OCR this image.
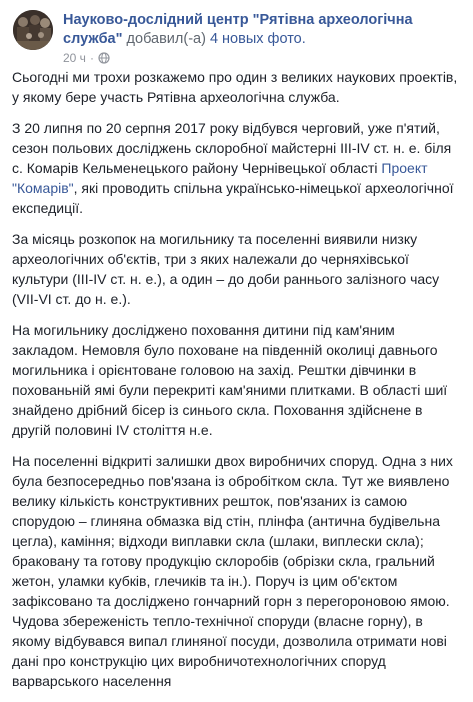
Науково-дослідний центр "Рятівна археологічна служба" добавил(-а) 4 новых фото.
20 ч ·

Сьогодні ми трохи розкажемо про один з великих наукових проектів, у якому бере участь Рятівна археологічна служба.

З 20 липня по 20 серпня 2017 року відбувся черговий, уже п'ятий, сезон польових досліджень склоробної майстерні III-IV ст. н. е. біля с. Комарів Кельменецького району Чернівецької області Проект "Комарів", які проводить спільна українсько-німецької археологічної експедиції.

За місяць розкопок на могильнику та поселенні виявили низку археологічних об'єктів, три з яких належали до черняхівської культури (III-IV ст. н. е.), а один – до доби раннього залізного часу (VII-VI ст. до н. е.).

На могильнику досліджено поховання дитини під кам'яним закладом. Немовля було поховане на південній околиці давнього могильника і орієнтоване головою на захід. Рештки дівчинки в похованьній ямі були перекриті кам'яними плитками. В області шиї знайдено дрібний бісер із синього скла. Поховання здійснене в другій половині IV століття н.е.

На поселенні відкриті залишки двох виробничих споруд. Одна з них була безпосередньо пов'язана із обробітком скла. Тут же виявлено велику кількість конструктивних решток, пов'язаних із самою спорудою – глиняна обмазка від стін, плінфа (антична будівельна цегла), каміння; відходи виплавки скла (шлаки, виплески скла); браковану та готову продукцію склоробів (обрізки скла, гральний жетон, уламки кубків, глечиків та ін.). Поруч із цим об'єктом зафіксовано та досліджено гончарний горн з перегороновою ямою. Чудова збереженість тепло-технічної споруди (власне горну), в якому відбувався випал глиняної посуди, дозволила отримати нові дані про конструкцію цих виробничотехнологічних споруд варварського населення
